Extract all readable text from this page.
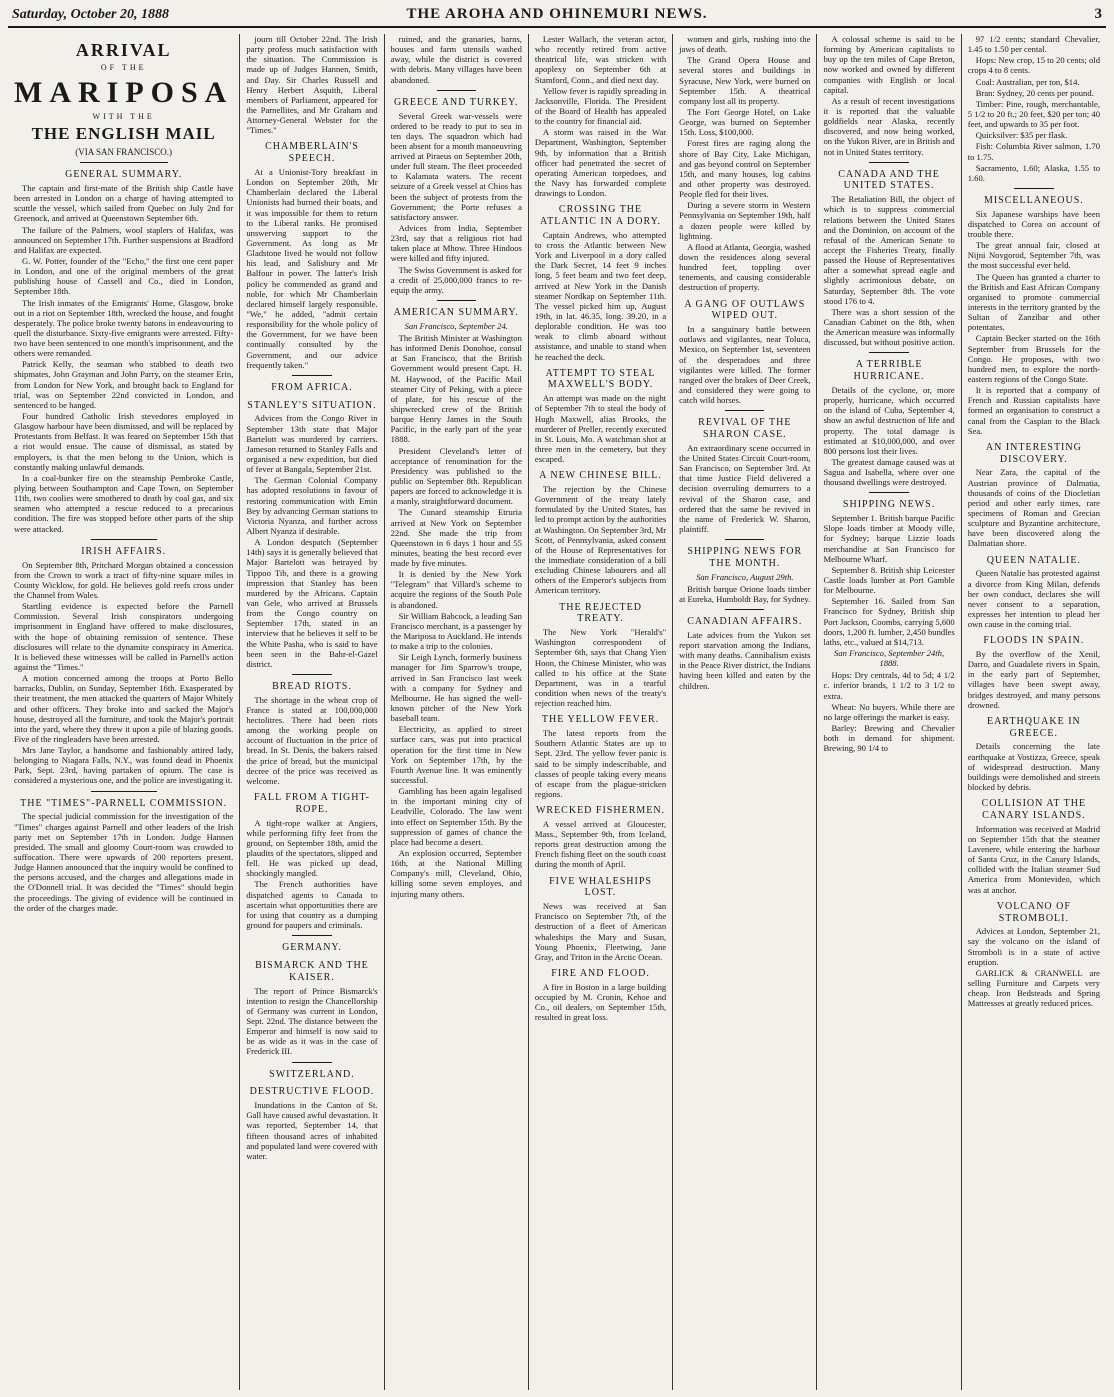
Saturday, October 20, 1888	THE AROHA AND OHINEMURI NEWS.	3
ARRIVAL
OF THE
MARIPOSA
WITH THE
THE ENGLISH MAIL
(VIA SAN FRANCISCO.)
GENERAL SUMMARY.

The captain and first-mate of the British ship Castle have been arrested in London on a charge of having attempted to scuttle the vessel, which sailed from Quebec on July 2nd for Greenock, and arrived at Queenstown September 6th.

The failure of the Palmers, wool staplers of Halifax, was announced on September 17th. Further suspensions at Bradford and Halifax are expected.

G. W. Potter, founder of the "Echo," the first one cent paper in London, and one of the original members of the great publishing house of Cassell and Co., died in London, September 18th.

The Irish inmates of the Emigrants' Home, Glasgow, broke out in a riot on September 18th, wrecked the house, and fought desperately. The police broke twenty batons in endeavouring to quell the disturbance. Sixty-five emigrants were arrested. Fifty-two have been sentenced to one month's imprisonment, and the others were remanded.

Patrick Kelly, the seaman who stabbed to death two shipmates, John Grayman and John Parry, on the steamer Erin, from London for New York, and brought back to England for trial, was on September 22nd convicted in London, and sentenced to be hanged.

Four hundred Catholic Irish stevedores employed in Glasgow harbour have been dismissed, and will be replaced by Protestants from Belfast. It was feared on September 15th that a riot would ensue. The cause of dismissal, as stated by employers, is that the men belong to the Union, which is constantly making unlawful demands.

In a coal-bunker fire on the steamship Pembroke Castle, plying between Southampton and Cape Town, on September 11th, two coolies were smothered to death by coal gas, and six seamen who attempted a rescue reduced to a precarious condition. The fire was stopped before other parts of the ship were attacked.

IRISH AFFAIRS.

On September 8th, Pritchard Morgan obtained a concession from the Crown to work a tract of fifty-nine square miles in County Wicklow, for gold. He believes gold reefs cross under the Channel from Wales.

Startling evidence is expected before the Parnell Commission. Several Irish conspirators undergoing imprisonment in England have offered to make disclosures, with the hope of obtaining remission of sentence. These disclosures will relate to the dynamite conspiracy in America. It is believed these witnesses will be called in Parnell's action against the "Times."

A motion concerned among the troops at Porto Bello barracks, Dublin, on Sunday, September 16th. Exasperated by their treatment, the men attacked the quarters of Major Whitely and other officers. They broke into and sacked the Major's house, destroyed all the furniture, and took the Major's portrait into the yard, where they threw it upon a pile of blazing goods. Five of the ringleaders have been arrested.

Mrs Jane Taylor, a handsome and fashionably attired lady, belonging to Niagara Falls, N.Y., was found dead in Phoenix Park, Sept. 23rd, having partaken of opium. The case is considered a mysterious one, and the police are investigating it.

THE "TIMES"-PARNELL COMMISSION.

The special judicial commission for the investigation of the "Times" charges against Parnell and other leaders of the Irish party met on September 17th in London. Judge Hannen presided. The small and gloomy Court-room was crowded to suffocation. There were upwards of 200 reporters present. Judge Hannen announced that the inquiry would be confined to the persons accused, and the charges and allegations made in the O'Donnell trial. It was decided the "Times" should begin the proceedings. The giving of evidence will be continued in the order of the charges made.

journ till October 22nd. The Irish party profess much satisfaction with the situation. The Commission is made up of Judges Hannen, Smith, and Day. Sir Charles Russell and Henry Herbert Asquith, Liberal members of Parliament, appeared for the Parnellites, and Mr Graham and Attorney-General Webster for the "Times."

CHAMBERLAIN'S SPEECH.

At a Unionist-Tory breakfast in London on September 20th, Mr Chamberlain declared the Liberal Unionists had burned their boats, and it was impossible for them to return to the Liberal ranks. He promised unswerving support to the Government. As long as Mr Gladstone lived he would not follow his lead, and Salisbury and Mr Balfour in power. The latter's Irish policy he commended as grand and noble, for which Mr Chamberlain declared himself largely responsible. "We," he added, "admit certain responsibility for the whole policy of the Government, for we have been continually consulted by the Government, and our advice frequently taken."

FROM AFRICA.
STANLEY'S SITUATION.

Advices from the Congo River in September 13th state that Major Bartelott was murdered by carriers. Jameson returned to Stanley Falls and organised a new expedition, but died of fever at Bangala, September 21st.

The German Colonial Company has adopted resolutions in favour of restoring communication with Emin Bey by advancing German stations to Victoria Nyanza, and further across Albert Nyanza if desirable.

A London despatch (September 14th) says it is generally believed that Major Bartelott was betrayed by Tippoo Tib, and there is a growing impression that Stanley has been murdered by the Africans. Captain van Gele, who arrived at Brussels from the Congo country on September 17th, stated in an interview that he believes it self to be the White Pasha, who is said to have been seen in the Bahr-el-Gazel district.

BREAD RIOTS.

The shortage in the wheat crop of France is stated at 100,000,000 hectolitres. There had been riots among the working people on account of fluctuation in the price of bread. In St. Denis, the bakers raised the price of bread, but the municipal decree of the price was received as welcome.

FALL FROM A TIGHT-ROPE.

A tight-rope walker at Angiers, while performing fifty feet from the ground, on September 18th, amid the plaudits of the spectators, slipped and fell. He was picked up dead, shockingly mangled.

The French authorities have dispatched agents to Canada to ascertain what opportunities there are for using that country as a dumping ground for paupers and criminals.

GERMANY.
BISMARCK AND THE KAISER.

The report of Prince Bismarck's intention to resign the Chancellorship of Germany was current in London, Sept. 22nd. The distance between the Emperor and himself is now said to be as wide as it was in the case of Frederick III.

SWITZERLAND.
DESTRUCTIVE FLOOD.

Inundations in the Canton of St. Gall have caused awful devastation. It was reported, September 14, that fifteen thousand acres of inhabited and populated land were covered with water.

ruined, and the granaries, barns, houses and farm utensils washed away, while the district is covered with debris. Many villages have been abandoned.

GREECE AND TURKEY.

Several Greek war-vessels were ordered to be ready to put to sea in ten days. The squadron which had been absent for a month manoeuvring arrived at Piraeus on September 20th, under full steam. The fleet proceeded to Kalamata waters. The recent seizure of a Greek vessel at Chios has been the subject of protests from the Government; the Porte refuses a satisfactory answer.

Advices from India, September 23rd, say that a religious riot had taken place at Mhow. Three Hindoos were killed and fifty injured.

The Swiss Government is asked for a credit of 25,000,000 francs to re-equip the army.

AMERICAN SUMMARY.
San Francisco, September 24.

The British Minister at Washington has informed Denis Donohoe, consul at San Francisco, that the British Government would present Capt. H. M. Haywood, of the Pacific Mail steamer City of Peking, with a piece of plate, for his rescue of the shipwrecked crew of the British barque Henry James in the South Pacific, in the early part of the year 1888.

President Cleveland's letter of acceptance of renomination for the Presidency was published to the public on September 8th. Republican papers are forced to acknowledge it is a manly, straightforward document.

The Cunard steamship Etruria arrived at New York on September 22nd. She made the trip from Queenstown in 6 days 1 hour and 55 minutes, beating the best record ever made by five minutes.

It is denied by the New York "Telegram" that Villard's scheme to acquire the regions of the South Pole is abandoned.

Sir William Babcock, a leading San Francisco merchant, is a passenger by the Mariposa to Auckland. He intends to make a trip to the colonies.

Sir Leigh Lynch, formerly business manager for Jim Sparrow's troupe, arrived in San Francisco last week with a company for Sydney and Melbourne. He has signed the well-known pitcher of the New York baseball team.

Electricity, as applied to street surface cars, was put into practical operation for the first time in New York on September 17th, by the Fourth Avenue line. It was eminently successful.

Gambling has been again legalised in the important mining city of Leadville, Colorado. The law went into effect on September 15th. By the suppression of games of chance the place had become a desert.

An explosion occurred, September 16th, at the National Milling Company's mill, Cleveland, Ohio, killing some seven employes, and injuring many others.

Lester Wallach, the veteran actor, who recently retired from active theatrical life, was stricken with apoplexy on September 6th at Stamford, Conn., and died next day.

Yellow fever is rapidly spreading in Jacksonville, Florida. The President of the Board of Health has appealed to the country for financial aid.

A storm was raised in the War Department, Washington, September 9th, by information that a British officer had penetrated the secret of operating American torpedoes, and the Navy has forwarded complete drawings to London.

CROSSING THE ATLANTIC IN A DORY.

Captain Andrews, who attempted to cross the Atlantic between New York and Liverpool in a dory called the Dark Secret, 14 feet 9 inches long, 5 feet beam and two feet deep, arrived at New York in the Danish steamer Nordkap on September 11th. The vessel picked him up, August 19th, in lat. 46.35, long. 39.20, in a deplorable condition. He was too weak to climb aboard without assistance, and unable to stand when he reached the deck.

ATTEMPT TO STEAL MAXWELL'S BODY.

An attempt was made on the night of September 7th to steal the body of Hugh Maxwell, alias Brooks, the murderer of Preller, recently executed in St. Louis, Mo. A watchman shot at three men in the cemetery, but they escaped.

A NEW CHINESE BILL.

The rejection by the Chinese Government of the treaty lately formulated by the United States, has led to prompt action by the authorities at Washington. On September 3rd, Mr Scott, of Pennsylvania, asked consent of the House of Representatives for the immediate consideration of a bill excluding Chinese labourers and all others of the Emperor's subjects from American territory.

THE REJECTED TREATY.

The New York "Herald's" Washington correspondent of September 6th, says that Chang Yien Hoon, the Chinese Minister, who was called to his office at the State Department, was in a tearful condition when news of the treaty's rejection reached him.

THE YELLOW FEVER.

The latest reports from the Southern Atlantic States are up to Sept. 23rd. The yellow fever panic is said to be simply indescribable, and classes of people taking every means of escape from the plague-stricken regions.

WRECKED FISHERMEN.

A vessel arrived at Gloucester, Mass., September 9th, from Iceland, reports great destruction among the French fishing fleet on the south coast during the month of April.

FIVE WHALESHIPS LOST.

News was received at San Francisco on September 7th, of the destruction of a fleet of American whaleships the Mary and Susan, Young Phoenix, Fleetwing, Jane Gray, and Triton in the Arctic Ocean.

FIRE AND FLOOD.

A fire in Boston in a large building occupied by M. Cronin, Kehoe and Co., oil dealers, on September 15th, resulted in great loss.

women and girls, rushing into the jaws of death.

The Grand Opera House and several stores and buildings in Syracuse, New York, were burned on September 15th. A theatrical company lost all its property.

The Fort George Hotel, on Lake George, was burned on September 15th. Loss, $100,000.

Forest fires are raging along the shore of Bay City, Lake Michigan, and gas beyond control on September 15th, and many houses, log cabins and other property was destroyed. People fled for their lives.

During a severe storm in Western Pennsylvania on September 19th, half a dozen people were killed by lightning.

A flood at Atlanta, Georgia, washed down the residences along several hundred feet, toppling over tenements, and causing considerable destruction of property.

A GANG OF OUTLAWS WIPED OUT.

In a sanguinary battle between outlaws and vigilantes, near Toluca, Mexico, on September 1st, seventeen of the desperadoes and three vigilantes were killed. The former ranged over the brakes of Deer Creek, and considered they were going to catch wild horses.

REVIVAL OF THE SHARON CASE.

An extraordinary scene occurred in the United States Circuit Court-room, San Francisco, on September 3rd. At that time Justice Field delivered a decision overruling demurrers to a revival of the Sharon case, and ordered that the same be revived in the name of Frederick W. Sharon, plaintiff.

SHIPPING NEWS FOR THE MONTH.
San Francisco, August 29th.

British barque Orione loads timber at Eureka, Humboldt Bay, for Sydney.

CANADIAN AFFAIRS.

Late advices from the Yukon set report starvation among the Indians, with many deaths. Cannibalism exists in the Peace River district, the Indians having been killed and eaten by the children.

A colossal scheme is said to be forming by American capitalists to buy up the ten miles of Cape Breton, now worked and owned by different companies with English or local capital.

As a result of recent investigations it is reported that the valuable goldfields near Alaska, recently discovered, and now being worked, on the Yukon River, are in British and not in United States territory.

CANADA AND THE UNITED STATES.

The Retaliation Bill, the object of which is to suppress commercial relations between the United States and the Dominion, on account of the refusal of the American Senate to accept the Fisheries Treaty, finally passed the House of Representatives after a somewhat spread eagle and slightly acrimonious debate, on Saturday, September 8th. The vote stood 176 to 4.

There was a short session of the Canadian Cabinet on the 8th, when the American measure was informally discussed, but without positive action.

A TERRIBLE HURRICANE.

Details of the cyclone, or, more properly, hurricane, which occurred on the island of Cuba, September 4, show an awful destruction of life and property. The total damage is estimated at $10,000,000, and over 800 persons lost their lives.

The greatest damage caused was at Sagua and Isabella, where over one thousand dwellings were destroyed.

SHIPPING NEWS.

September 1. British barque Pacific Slope loads timber at Moody ville, for Sydney; barque Lizzie loads merchandise at San Francisco for Melbourne Wharf.

September 8. British ship Leicester Castle loads lumber at Port Gamble for Melbourne.

September 16. Sailed from San Francisco for Sydney, British ship Port Jackson, Coombs, carrying 5,600 doors, 1,200 ft. lumber, 2,450 bundles laths, etc., valued at $14,713.

San Francisco, September 24th, 1888.

Hops: Dry centrals, 4d to 5d; 4 1/2 c. inferior brands, 1 1/2 to 3 1/2 to extra.

Wheat: No buyers. While there are no large offerings the market is easy.

Barley: Brewing and Chevalier both in demand for shipment. Brewing, 90 1/4 to

97 1/2 cents; standard Chevalier, 1.45 to 1.50 per cental.

Hops: New crop, 15 to 20 cents; old crops 4 to 8 cents.

Coal: Australian, per ton, $14.

Bran: Sydney, 20 cents per pound.

Timber: Pine, rough, merchantable, 5 1/2 to 20 ft.; 20 feet, $20 per ton; 40 feet, and upwards to 35 per foot.

Quicksilver: $35 per flask.

Fish: Columbia River salmon, 1.70 to 1.75.

Sacramento, 1.60; Alaska, 1.55 to 1.60.

MISCELLANEOUS.

Six Japanese warships have been dispatched to Corea on account of trouble there.

The great annual fair, closed at Nijni Novgorod, September 7th, was the most successful ever held.

The Queen has granted a charter to the British and East African Company organised to promote commercial interests in the territory granted by the Sultan of Zanzibar and other potentates.

Captain Becker started on the 16th September from Brussels for the Congo. He proposes, with two hundred men, to explore the north-eastern regions of the Congo State.

It is reported that a company of French and Russian capitalists have formed an organisation to construct a canal from the Caspian to the Black Sea.

AN INTERESTING DISCOVERY.

Near Zara, the capital of the Austrian province of Dalmatia, thousands of coins of the Diocletian period and other early times, rare specimens of Roman and Grecian sculpture and Byzantine architecture, have been discovered along the Dalmatian shore.

QUEEN NATALIE.

Queen Natalie has protested against a divorce from King Milan, defends her own conduct, declares she will never consent to a separation, expresses her intention to plead her own cause in the coming trial.

FLOODS IN SPAIN.

By the overflow of the Xenil, Darro, and Guadalete rivers in Spain, in the early part of September, villages have been swept away, bridges destroyed, and many persons drowned.

EARTHQUAKE IN GREECE.

Details concerning the late earthquake at Vostizza, Greece, speak of widespread destruction. Many buildings were demolished and streets blocked by debris.

COLLISION AT THE CANARY ISLANDS.

Information was received at Madrid on September 15th that the steamer Lavenere, while entering the harbour of Santa Cruz, in the Canary Islands, collided with the Italian steamer Sud America from Montevideo, which was at anchor.

VOLCANO OF STROMBOLI.

Advices at London, September 21, say the volcano on the island of Stromboli is in a state of active eruption.

GARLICK & CRANWELL are selling Furniture and Carpets very cheap. Iron Bedsteads and Spring Mattresses at greatly reduced prices.
